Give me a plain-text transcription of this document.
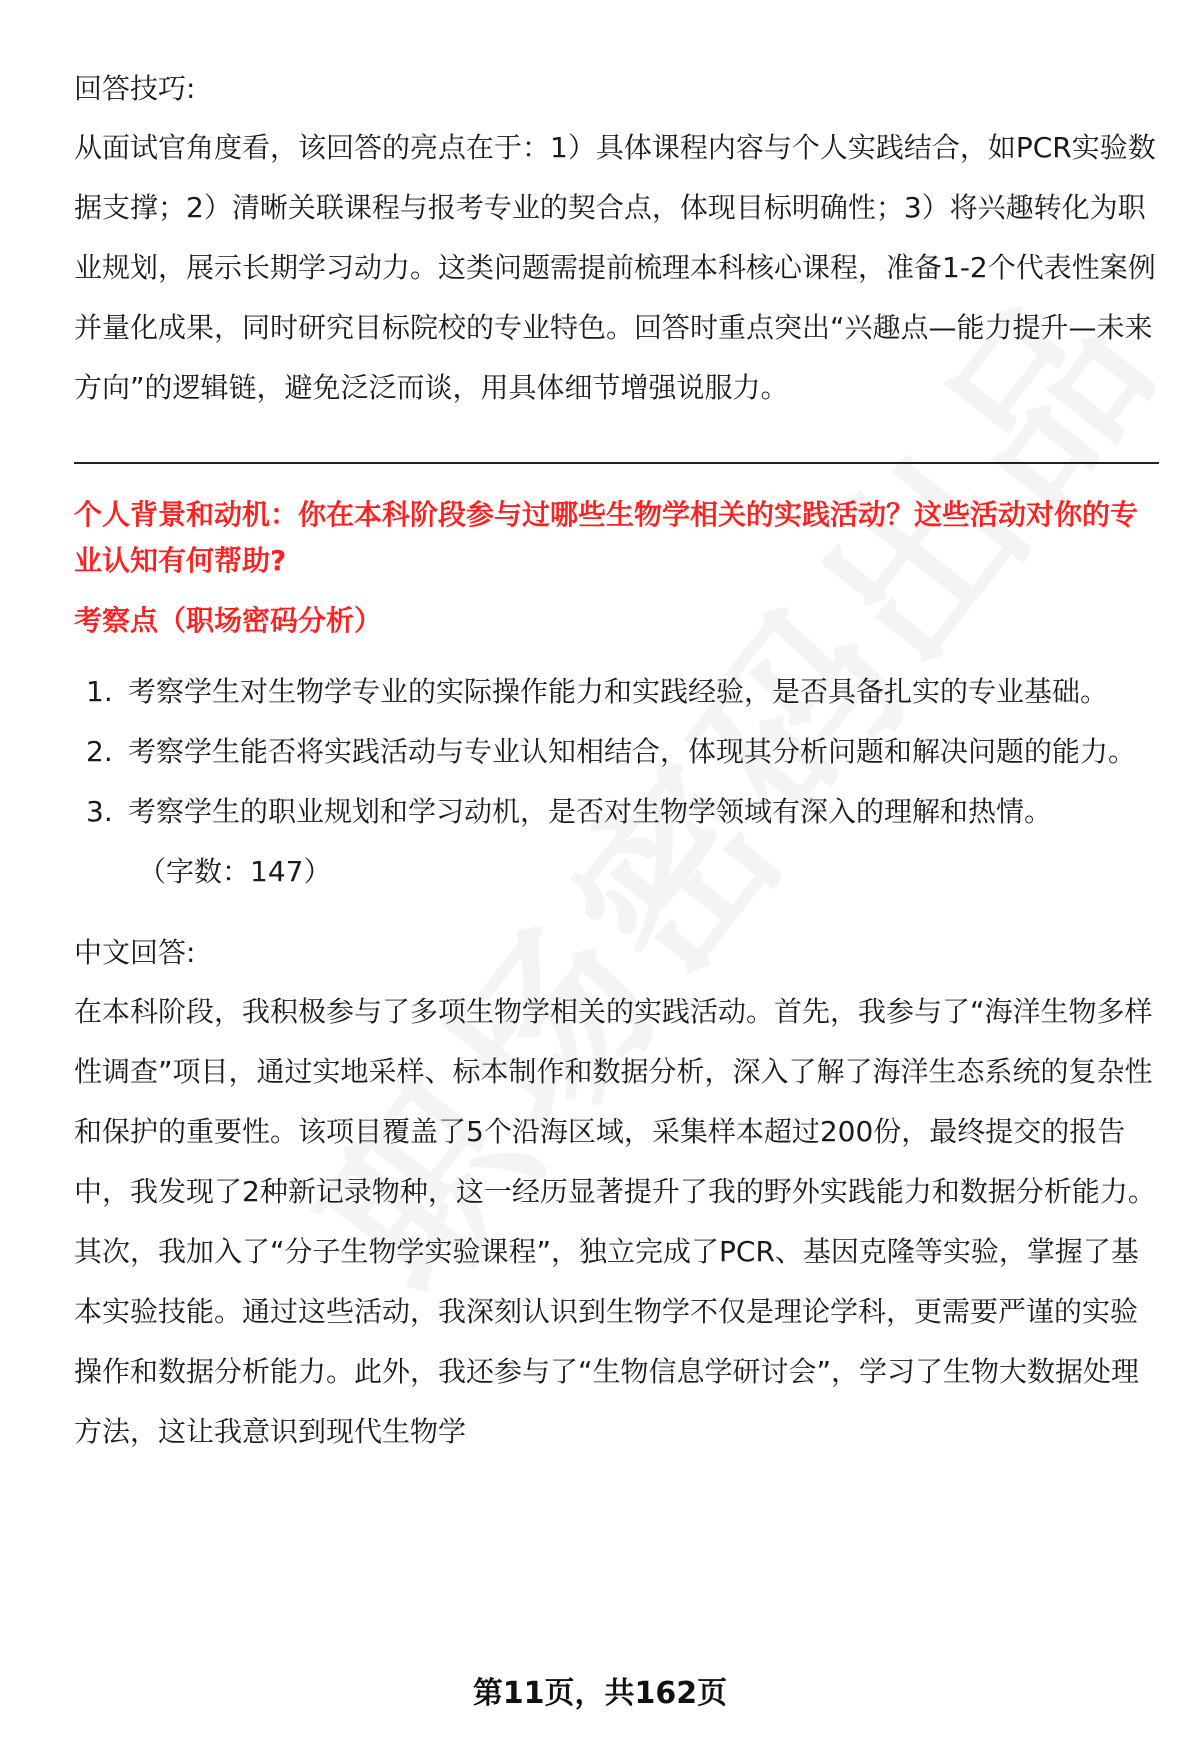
回答技巧:

从面试官角度看，该回答的亮点在于：1）具体课程内容与个人实践结合，如PCR实验数据支撑；2）清晰关联课程与报考专业的契合点，体现目标明确性；3）将兴趣转化为职业规划，展示长期学习动力。这类问题需提前梳理本科核心课程，准备1-2个代表性案例并量化成果，同时研究目标院校的专业特色。回答时重点突出“兴趣点—能力提升—未来方向”的逻辑链，避免泛泛而谈，用具体细节增强说服力。

个人背景和动机：你在本科阶段参与过哪些生物学相关的实践活动？这些活动对你的专业认知有何帮助?

考察点（职场密码分析）

1. 考察学生对生物学专业的实际操作能力和实践经验，是否具备扎实的专业基础。
2. 考察学生能否将实践活动与专业认知相结合，体现其分析问题和解决问题的能力。
3. 考察学生的职业规划和学习动机，是否对生物学领域有深入的理解和热情。

（字数：147）

中文回答:

在本科阶段，我积极参与了多项生物学相关的实践活动。首先，我参与了“海洋生物多样性调查”项目，通过实地采样、标本制作和数据分析，深入了解了海洋生态系统的复杂性和保护的重要性。该项目覆盖了5个沿海区域，采集样本超过200份，最终提交的报告中，我发现了2种新记录物种，这一经历显著提升了我的野外实践能力和数据分析能力。其次，我加入了“分子生物学实验课程”，独立完成了PCR、基因克隆等实验，掌握了基本实验技能。通过这些活动，我深刻认识到生物学不仅是理论学科，更需要严谨的实验操作和数据分析能力。此外，我还参与了“生物信息学研讨会”，学习了生物大数据处理方法，这让我意识到现代生物学

第11页，共162页
